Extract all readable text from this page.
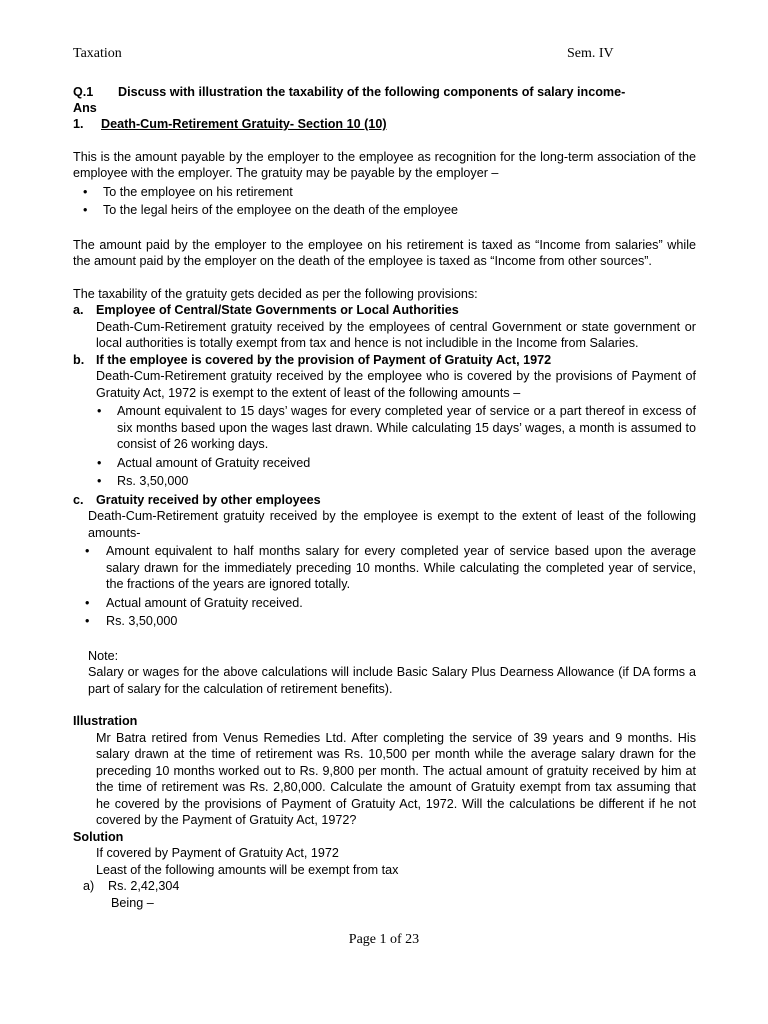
Taxation	Sem. IV
Q.1	Discuss with illustration the taxability of the following components of salary income-
Ans
1. Death-Cum-Retirement Gratuity- Section 10 (10)
This is the amount payable by the employer to the employee as recognition for the long-term association of the employee with the employer. The gratuity may be payable by the employer –
• To the employee on his retirement
• To the legal heirs of the employee on the death of the employee
The amount paid by the employer to the employee on his retirement is taxed as “Income from salaries” while the amount paid by the employer on the death of the employee is taxed as “Income from other sources”.
The taxability of the gratuity gets decided as per the following provisions:
a. Employee of Central/State Governments or Local Authorities
Death-Cum-Retirement gratuity received by the employees of central Government or state government or local authorities is totally exempt from tax and hence is not includible in the Income from Salaries.
b. If the employee is covered by the provision of Payment of Gratuity Act, 1972
Death-Cum-Retirement gratuity received by the employee who is covered by the provisions of Payment of Gratuity Act, 1972 is exempt to the extent of least of the following amounts –
• Amount equivalent to 15 days’ wages for every completed year of service or a part thereof in excess of six months based upon the wages last drawn. While calculating 15 days’ wages, a month is assumed to consist of 26 working days.
• Actual amount of Gratuity received
• Rs. 3,50,000
c. Gratuity received by other employees
Death-Cum-Retirement gratuity received by the employee is exempt to the extent of least of the following amounts-
• Amount equivalent to half months salary for every completed year of service based upon the average salary drawn for the immediately preceding 10 months. While calculating the completed year of service, the fractions of the years are ignored totally.
• Actual amount of Gratuity received.
• Rs. 3,50,000
Note:
Salary or wages for the above calculations will include Basic Salary Plus Dearness Allowance (if DA forms a part of salary for the calculation of retirement benefits).
Illustration
Mr Batra retired from Venus Remedies Ltd. After completing the service of 39 years and 9 months. His salary drawn at the time of retirement was Rs. 10,500 per month while the average salary drawn for the preceding 10 months worked out to Rs. 9,800 per month. The actual amount of gratuity received by him at the time of retirement was Rs. 2,80,000. Calculate the amount of Gratuity exempt from tax assuming that he covered by the provisions of Payment of Gratuity Act, 1972. Will the calculations be different if he not covered by the Payment of Gratuity Act, 1972?
Solution
If covered by Payment of Gratuity Act, 1972
Least of the following amounts will be exempt from tax
a)	Rs. 2,42,304
Being –
Page 1 of 23
